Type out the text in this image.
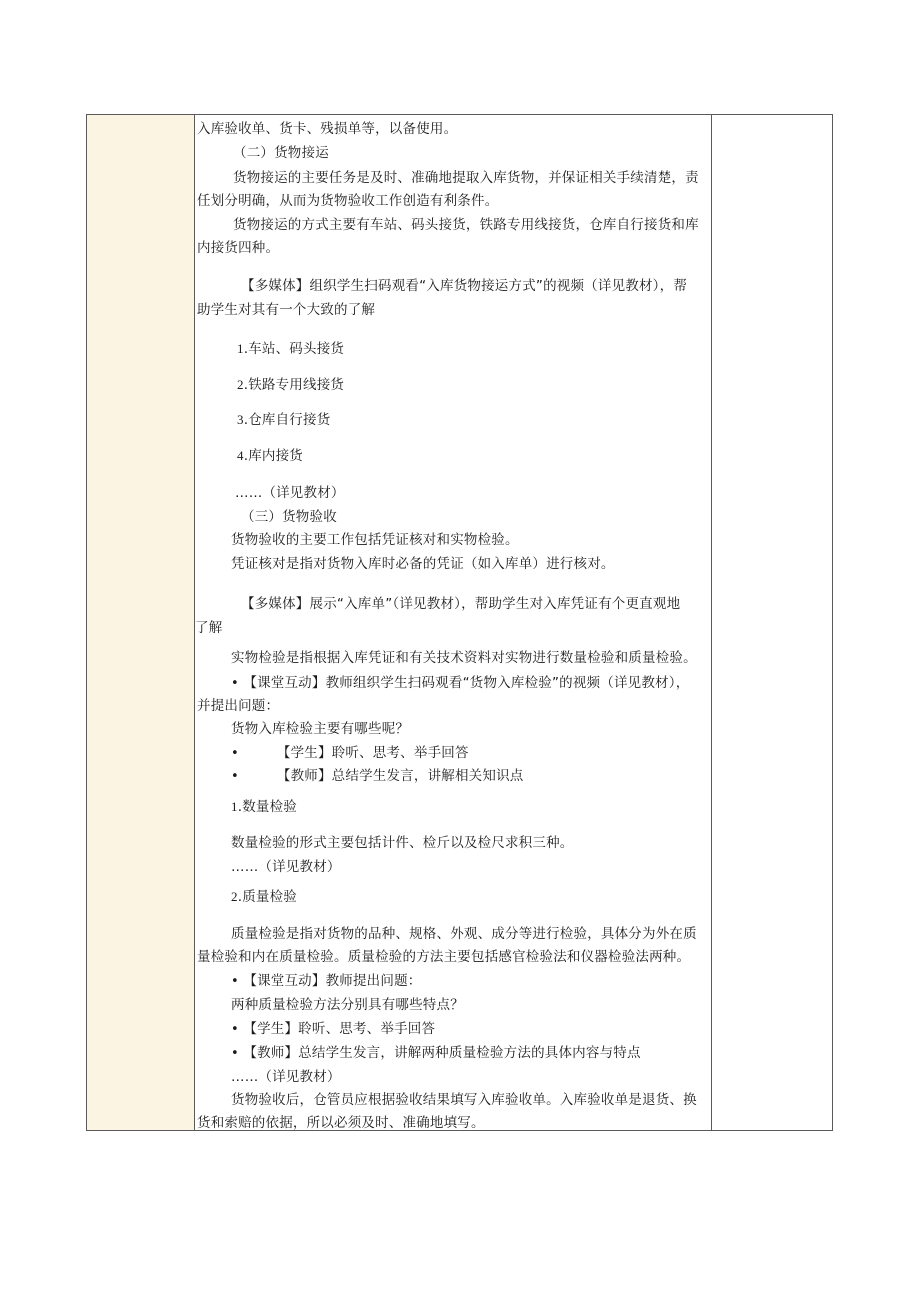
入库验收单、货卡、残损单等，以备使用。
（二）货物接运
货物接运的主要任务是及时、准确地提取入库货物，并保证相关手续清楚，责
任划分明确，从而为货物验收工作创造有利条件。
货物接运的方式主要有车站、码头接货，铁路专用线接货，仓库自行接货和库
内接货四种。
【多媒体】组织学生扫码观看“入库货物接运方式”的视频（详见教材），帮
助学生对其有一个大致的了解
1.车站、码头接货
2.铁路专用线接货
3.仓库自行接货
4.库内接货
……（详见教材）
（三）货物验收
货物验收的主要工作包括凭证核对和实物检验。
凭证核对是指对货物入库时必备的凭证（如入库单）进行核对。
【多媒体】展示“入库单”（详见教材），帮助学生对入库凭证有个更直观地
了解
实物检验是指根据入库凭证和有关技术资料对实物进行数量检验和质量检验。
• 【课堂互动】教师组织学生扫码观看“货物入库检验”的视频（详见教材），
并提出问题：
货物入库检验主要有哪些呢？
•	【学生】聆听、思考、举手回答
•	【教师】总结学生发言，讲解相关知识点
1.数量检验
数量检验的形式主要包括计件、检斤以及检尺求积三种。
……（详见教材）
2.质量检验
质量检验是指对货物的品种、规格、外观、成分等进行检验，具体分为外在质
量检验和内在质量检验。质量检验的方法主要包括感官检验法和仪器检验法两种。
• 【课堂互动】教师提出问题：
两种质量检验方法分别具有哪些特点？
• 【学生】聆听、思考、举手回答
• 【教师】总结学生发言，讲解两种质量检验方法的具体内容与特点
……（详见教材）
货物验收后，仓管员应根据验收结果填写入库验收单。入库验收单是退货、换
货和索赔的依据，所以必须及时、准确地填写。
